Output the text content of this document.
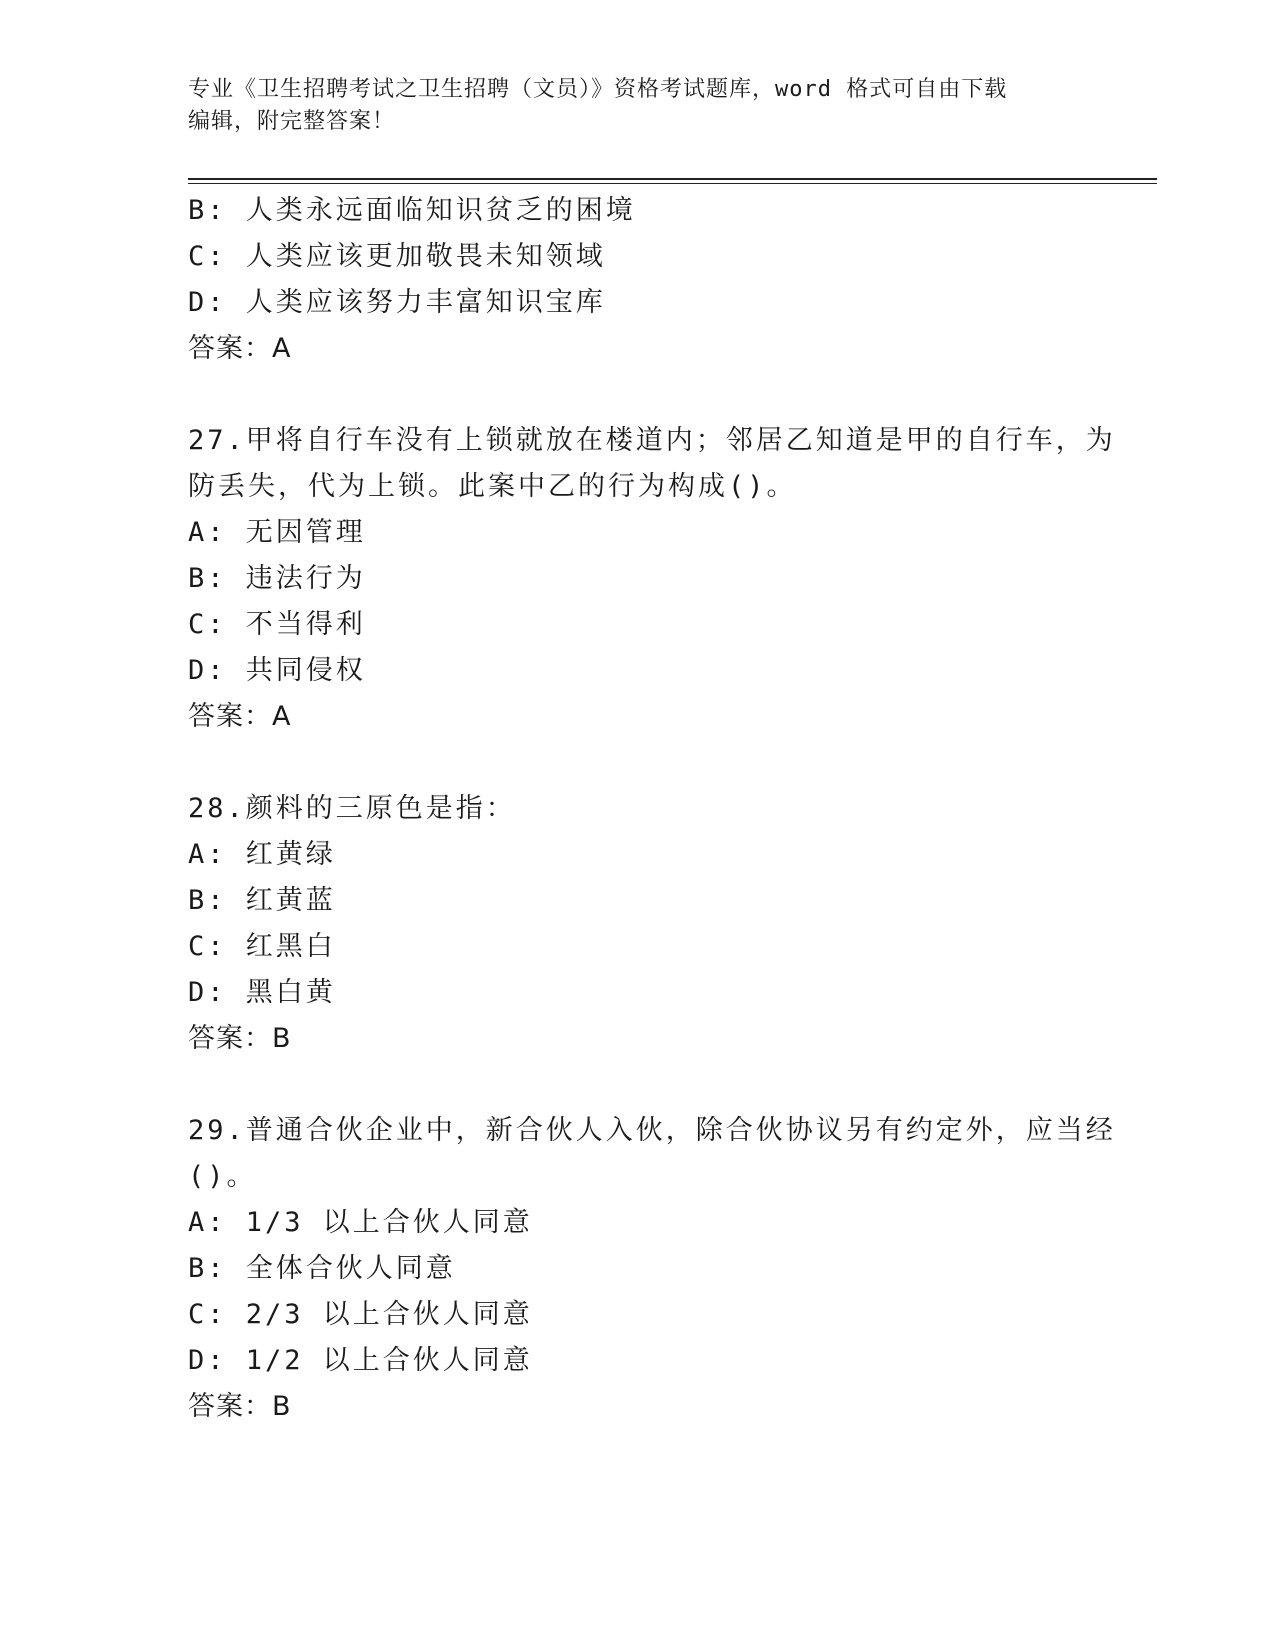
专业《卫生招聘考试之卫生招聘（文员）》资格考试题库，word 格式可自由下载
编辑，附完整答案！
B: 人类永远面临知识贫乏的困境
C: 人类应该更加敬畏未知领域
D: 人类应该努力丰富知识宝库
答案：A
27.甲将自行车没有上锁就放在楼道内；邻居乙知道是甲的自行车，为
防丢失，代为上锁。此案中乙的行为构成()。
A: 无因管理
B: 违法行为
C: 不当得利
D: 共同侵权
答案：A
28.颜料的三原色是指：
A: 红黄绿
B: 红黄蓝
C: 红黑白
D: 黑白黄
答案：B
29.普通合伙企业中，新合伙人入伙，除合伙协议另有约定外，应当经
()。
A: 1/3 以上合伙人同意
B: 全体合伙人同意
C: 2/3 以上合伙人同意
D: 1/2 以上合伙人同意
答案：B
